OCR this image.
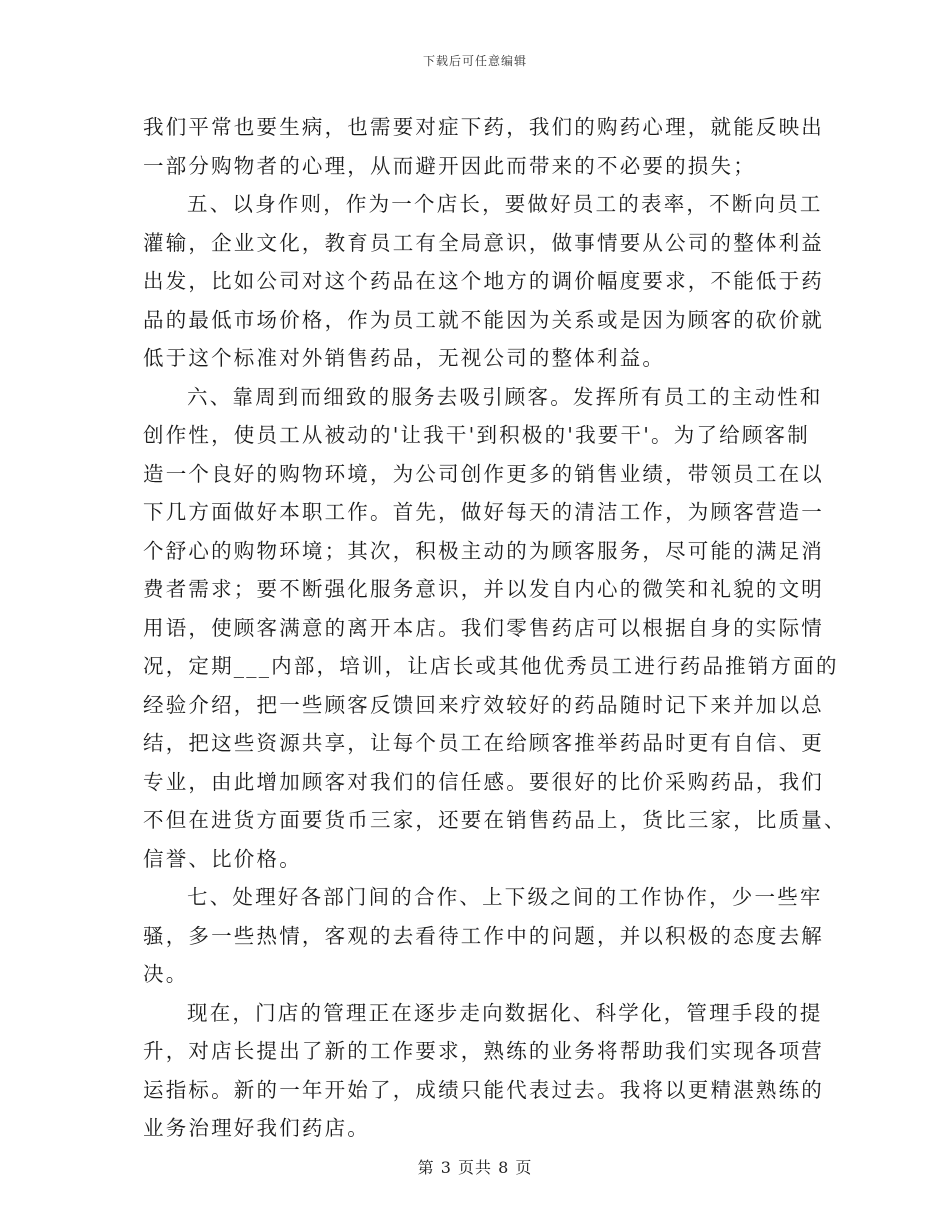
下载后可任意编辑
我们平常也要生病，也需要对症下药，我们的购药心理，就能反映出
一部分购物者的心理，从而避开因此而带来的不必要的损失；
五、以身作则，作为一个店长，要做好员工的表率，不断向员工
灌输，企业文化，教育员工有全局意识，做事情要从公司的整体利益
出发，比如公司对这个药品在这个地方的调价幅度要求，不能低于药
品的最低市场价格，作为员工就不能因为关系或是因为顾客的砍价就
低于这个标准对外销售药品，无视公司的整体利益。
六、靠周到而细致的服务去吸引顾客。发挥所有员工的主动性和
创作性，使员工从被动的'让我干'到积极的'我要干'。为了给顾客制
造一个良好的购物环境，为公司创作更多的销售业绩，带领员工在以
下几方面做好本职工作。首先，做好每天的清洁工作，为顾客营造一
个舒心的购物环境；其次，积极主动的为顾客服务，尽可能的满足消
费者需求；要不断强化服务意识，并以发自内心的微笑和礼貌的文明
用语，使顾客满意的离开本店。我们零售药店可以根据自身的实际情
况，定期___内部，培训，让店长或其他优秀员工进行药品推销方面的
经验介绍，把一些顾客反馈回来疗效较好的药品随时记下来并加以总
结，把这些资源共享，让每个员工在给顾客推举药品时更有自信、更
专业，由此增加顾客对我们的信任感。要很好的比价采购药品，我们
不但在进货方面要货币三家，还要在销售药品上，货比三家，比质量、
信誉、比价格。
七、处理好各部门间的合作、上下级之间的工作协作，少一些牢
骚，多一些热情，客观的去看待工作中的问题，并以积极的态度去解
决。
现在，门店的管理正在逐步走向数据化、科学化，管理手段的提
升，对店长提出了新的工作要求，熟练的业务将帮助我们实现各项营
运指标。新的一年开始了，成绩只能代表过去。我将以更精湛熟练的
业务治理好我们药店。
第 3 页共 8 页
